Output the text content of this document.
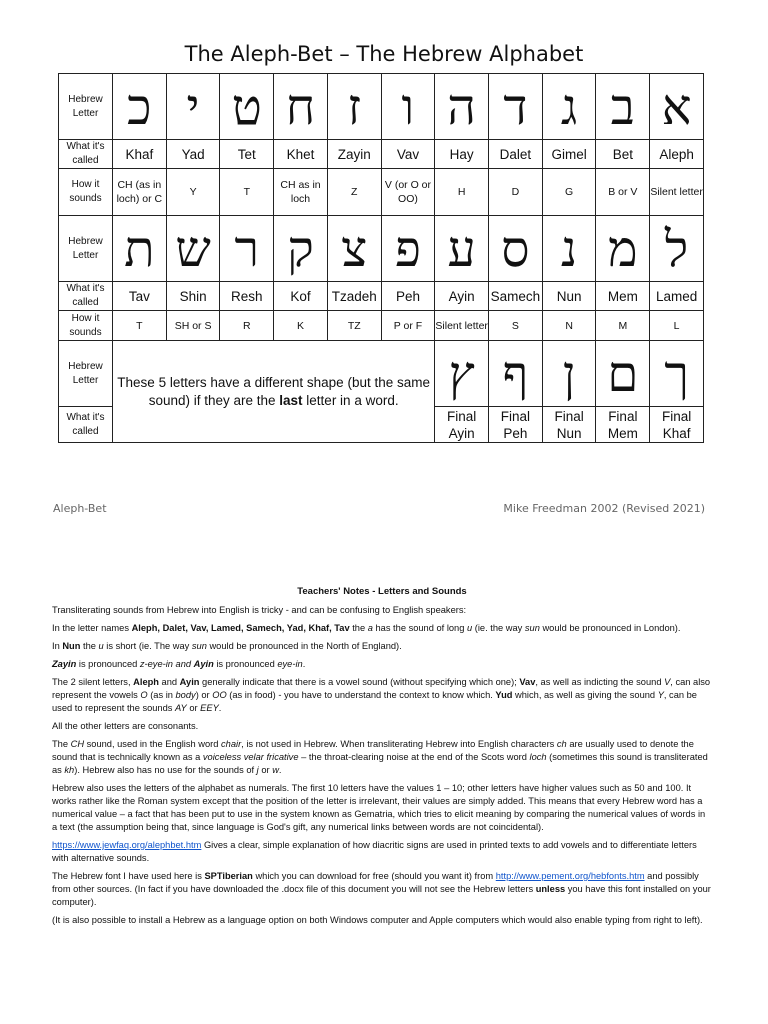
The Aleph-Bet – The Hebrew Alphabet
Hebrew Letter	כ	י	ט	ח	ז	ו	ה	ד	ג	ב	א
What it's called	Khaf	Yad	Tet	Khet	Zayin	Vav	Hay	Dalet	Gimel	Bet	Aleph
How it sounds	CH (as in loch) or C	Y	T	CH as in loch	Z	V (or O or OO)	H	D	G	B or V	Silent letter
Hebrew Letter	ת	ש	ר	ק	צ	פ	ע	ס	נ	מ	ל
What it's called	Tav	Shin	Resh	Kof	Tzadeh	Peh	Ayin	Samech	Nun	Mem	Lamed
How it sounds	T	SH or S	R	K	TZ	P or F	Silent letter	S	N	M	L
Hebrew Letter	These 5 letters have a different shape (but the same sound) if they are the last letter in a word.						ץ	ף	ן	ם	ך
What it's called							Final Ayin	Final Peh	Final Nun	Final Mem	Final Khaf
Aleph-Bet	Mike Freedman 2002 (Revised 2021)
Teachers' Notes - Letters and Sounds

Transliterating sounds from Hebrew into English is tricky - and can be confusing to English speakers:

In the letter names Aleph, Dalet, Vav, Lamed, Samech, Yad, Khaf, Tav the a has the sound of long u (ie. the way sun would be pronounced in London).

In Nun the u is short (ie. The way sun would be pronounced in the North of England).

Zayin is pronounced z-eye-in and Ayin is pronounced eye-in.

The 2 silent letters, Aleph and Ayin generally indicate that there is a vowel sound (without specifying which one); Vav, as well as indicting the sound V, can also represent the vowels O (as in body) or OO (as in food) - you have to understand the context to know which. Yud which, as well as giving the sound Y, can be used to represent the sounds AY or EEY.

All the other letters are consonants.

The CH sound, used in the English word chair, is not used in Hebrew. When transliterating Hebrew into English characters ch are usually used to denote the sound that is technically known as a voiceless velar fricative – the throat-clearing noise at the end of the Scots word loch (sometimes this sound is transliterated as kh). Hebrew also has no use for the sounds of j or w.

Hebrew also uses the letters of the alphabet as numerals. The first 10 letters have the values 1 – 10; other letters have higher values such as 50 and 100. It works rather like the Roman system except that the position of the letter is irrelevant, their values are simply added. This means that every Hebrew word has a numerical value – a fact that has been put to use in the system known as Gematria, which tries to elicit meaning by comparing the numerical values of words in a text (the assumption being that, since language is God's gift, any numerical links between words are not coincidental).

https://www.jewfaq.org/alephbet.htm Gives a clear, simple explanation of how diacritic signs are used in printed texts to add vowels and to differentiate letters with alternative sounds.

The Hebrew font I have used here is SPTiberian which you can download for free (should you want it) from http://www.pement.org/hebfonts.htm and possibly from other sources. (In fact if you have downloaded the .docx file of this document you will not see the Hebrew letters unless you have this font installed on your computer).

(It is also possible to install a Hebrew as a language option on both Windows computer and Apple computers which would also enable typing from right to left).
